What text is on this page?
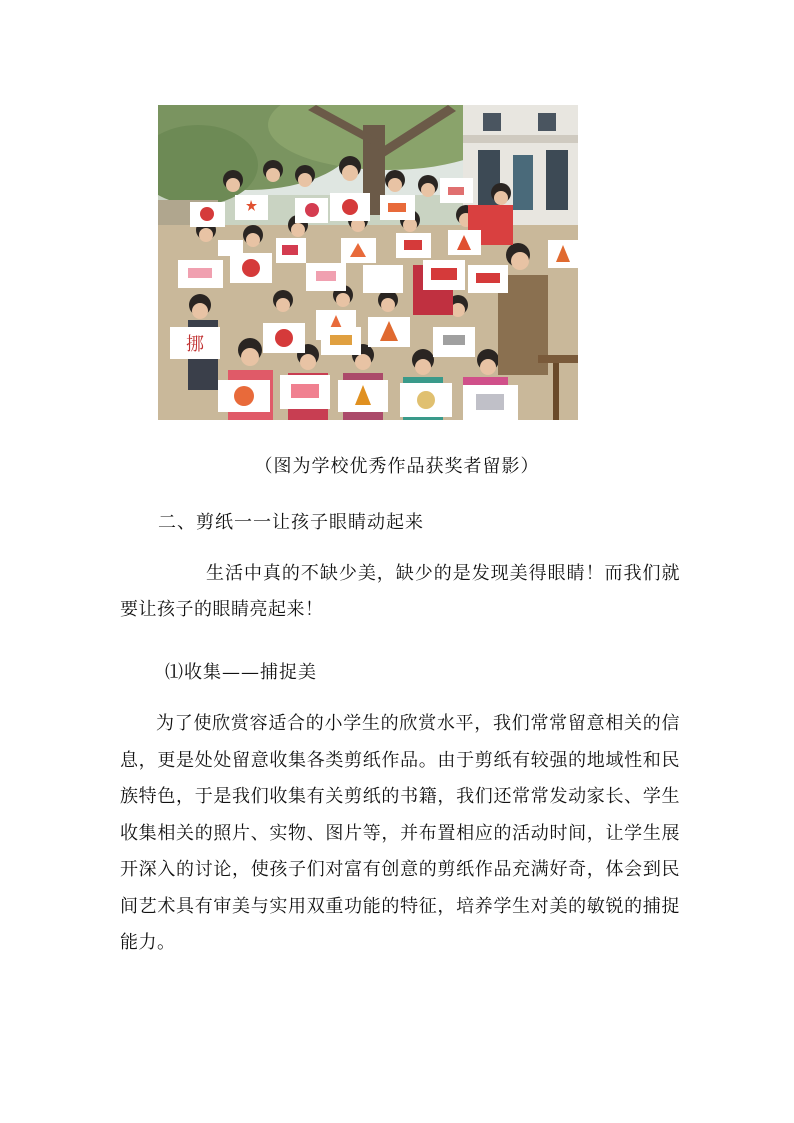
挪
（图为学校优秀作品获奖者留影）
二、剪纸一一让孩子眼睛动起来
生活中真的不缺少美，缺少的是发现美得眼睛！而我们就要让孩子的眼睛亮起来！
⑴收集——捕捉美
为了使欣赏容适合的小学生的欣赏水平，我们常常留意相关的信息，更是处处留意收集各类剪纸作品。由于剪纸有较强的地域性和民族特色，于是我们收集有关剪纸的书籍，我们还常常发动家长、学生收集相关的照片、实物、图片等，并布置相应的活动时间，让学生展开深入的讨论，使孩子们对富有创意的剪纸作品充满好奇，体会到民间艺术具有审美与实用双重功能的特征，培养学生对美的敏锐的捕捉能力。
